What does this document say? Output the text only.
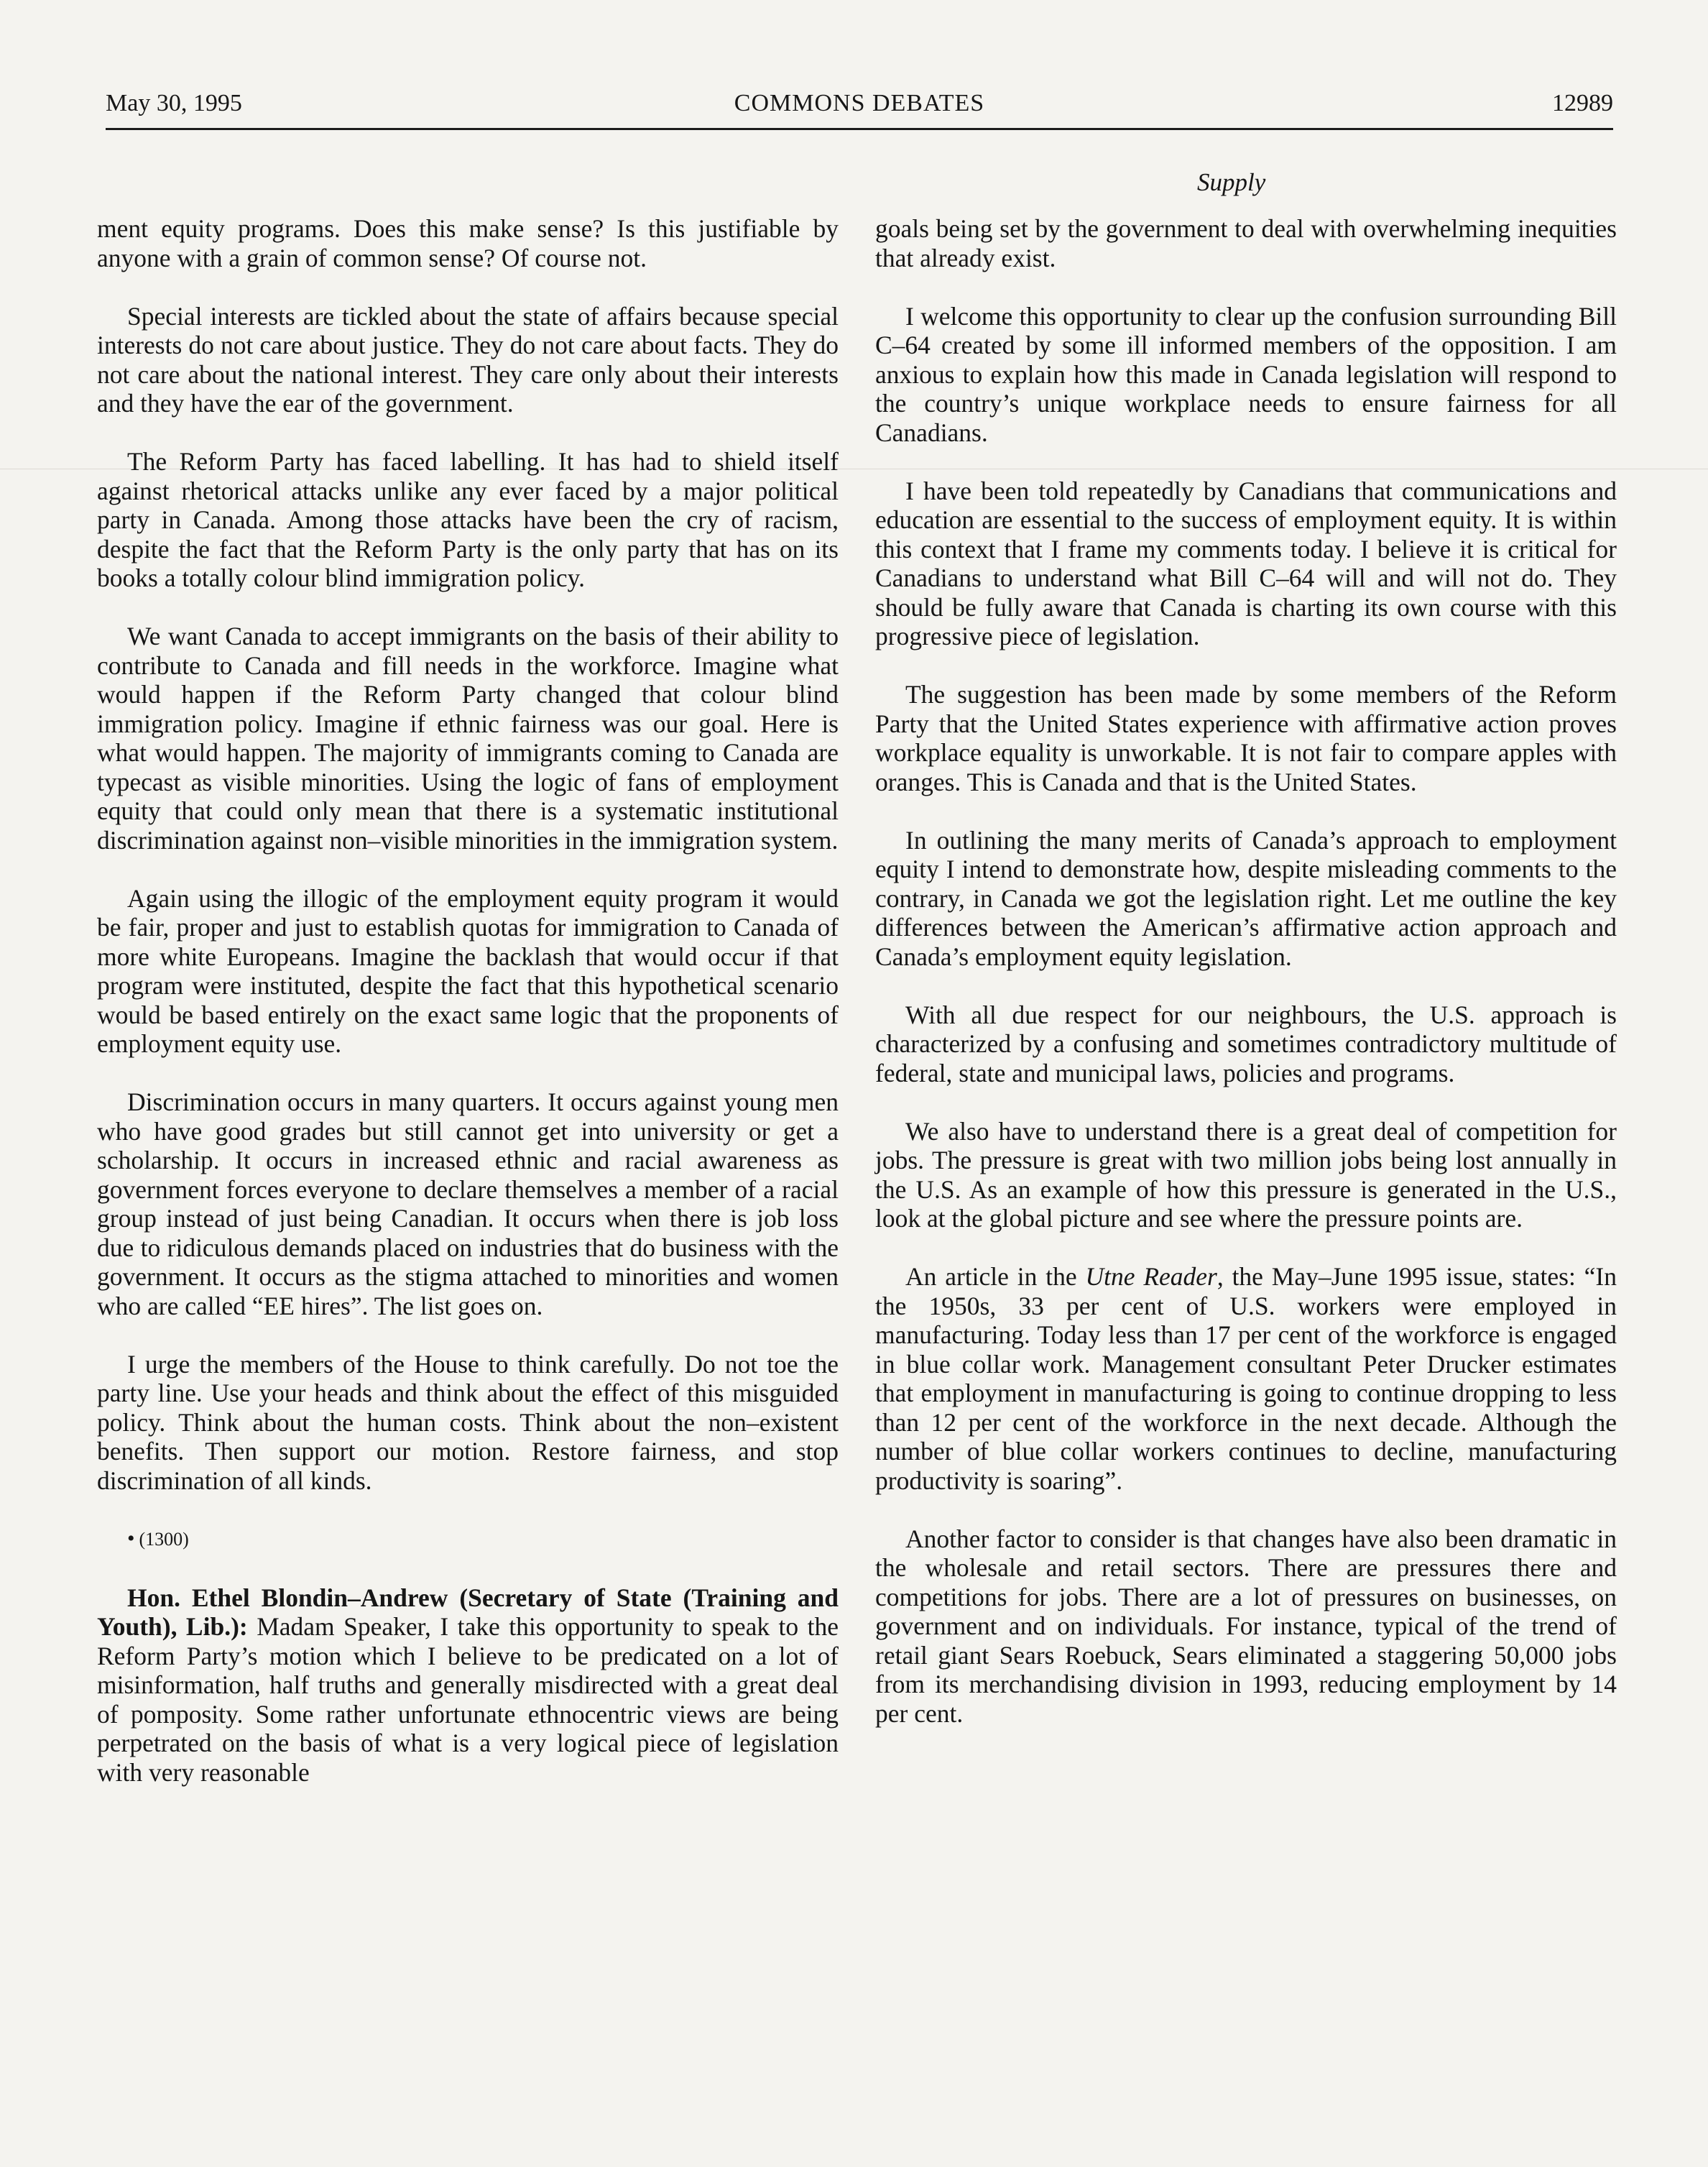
May 30, 1995	COMMONS DEBATES	12989
Supply

ment equity programs. Does this make sense? Is this justifiable by anyone with a grain of common sense? Of course not.

Special interests are tickled about the state of affairs because special interests do not care about justice. They do not care about facts. They do not care about the national interest. They care only about their interests and they have the ear of the government.

The Reform Party has faced labelling. It has had to shield itself against rhetorical attacks unlike any ever faced by a major political party in Canada. Among those attacks have been the cry of racism, despite the fact that the Reform Party is the only party that has on its books a totally colour blind immigration policy.

We want Canada to accept immigrants on the basis of their ability to contribute to Canada and fill needs in the workforce. Imagine what would happen if the Reform Party changed that colour blind immigration policy. Imagine if ethnic fairness was our goal. Here is what would happen. The majority of immigrants coming to Canada are typecast as visible minorities. Using the logic of fans of employment equity that could only mean that there is a systematic institutional discrimination against non–visible minorities in the immigration system.

Again using the illogic of the employment equity program it would be fair, proper and just to establish quotas for immigration to Canada of more white Europeans. Imagine the backlash that would occur if that program were instituted, despite the fact that this hypothetical scenario would be based entirely on the exact same logic that the proponents of employment equity use.

Discrimination occurs in many quarters. It occurs against young men who have good grades but still cannot get into university or get a scholarship. It occurs in increased ethnic and racial awareness as government forces everyone to declare themselves a member of a racial group instead of just being Canadian. It occurs when there is job loss due to ridiculous demands placed on industries that do business with the government. It occurs as the stigma attached to minorities and women who are called “EE hires”. The list goes on.

I urge the members of the House to think carefully. Do not toe the party line. Use your heads and think about the effect of this misguided policy. Think about the human costs. Think about the non–existent benefits. Then support our motion. Restore fairness, and stop discrimination of all kinds.

• (1300)

Hon. Ethel Blondin–Andrew (Secretary of State (Training and Youth), Lib.): Madam Speaker, I take this opportunity to speak to the Reform Party’s motion which I believe to be predicated on a lot of misinformation, half truths and generally misdirected with a great deal of pomposity. Some rather unfortunate ethnocentric views are being perpetrated on the basis of what is a very logical piece of legislation with very reasonable

goals being set by the government to deal with overwhelming inequities that already exist.

I welcome this opportunity to clear up the confusion surrounding Bill C–64 created by some ill informed members of the opposition. I am anxious to explain how this made in Canada legislation will respond to the country’s unique workplace needs to ensure fairness for all Canadians.

I have been told repeatedly by Canadians that communications and education are essential to the success of employment equity. It is within this context that I frame my comments today. I believe it is critical for Canadians to understand what Bill C–64 will and will not do. They should be fully aware that Canada is charting its own course with this progressive piece of legislation.

The suggestion has been made by some members of the Reform Party that the United States experience with affirmative action proves workplace equality is unworkable. It is not fair to compare apples with oranges. This is Canada and that is the United States.

In outlining the many merits of Canada’s approach to employment equity I intend to demonstrate how, despite misleading comments to the contrary, in Canada we got the legislation right. Let me outline the key differences between the American’s affirmative action approach and Canada’s employment equity legislation.

With all due respect for our neighbours, the U.S. approach is characterized by a confusing and sometimes contradictory multitude of federal, state and municipal laws, policies and programs.

We also have to understand there is a great deal of competition for jobs. The pressure is great with two million jobs being lost annually in the U.S. As an example of how this pressure is generated in the U.S., look at the global picture and see where the pressure points are.

An article in the Utne Reader, the May–June 1995 issue, states: “In the 1950s, 33 per cent of U.S. workers were employed in manufacturing. Today less than 17 per cent of the workforce is engaged in blue collar work. Management consultant Peter Drucker estimates that employment in manufacturing is going to continue dropping to less than 12 per cent of the workforce in the next decade. Although the number of blue collar workers continues to decline, manufacturing productivity is soaring”.

Another factor to consider is that changes have also been dramatic in the wholesale and retail sectors. There are pressures there and competitions for jobs. There are a lot of pressures on businesses, on government and on individuals. For instance, typical of the trend of retail giant Sears Roebuck, Sears eliminated a staggering 50,000 jobs from its merchandising division in 1993, reducing employment by 14 per cent.
